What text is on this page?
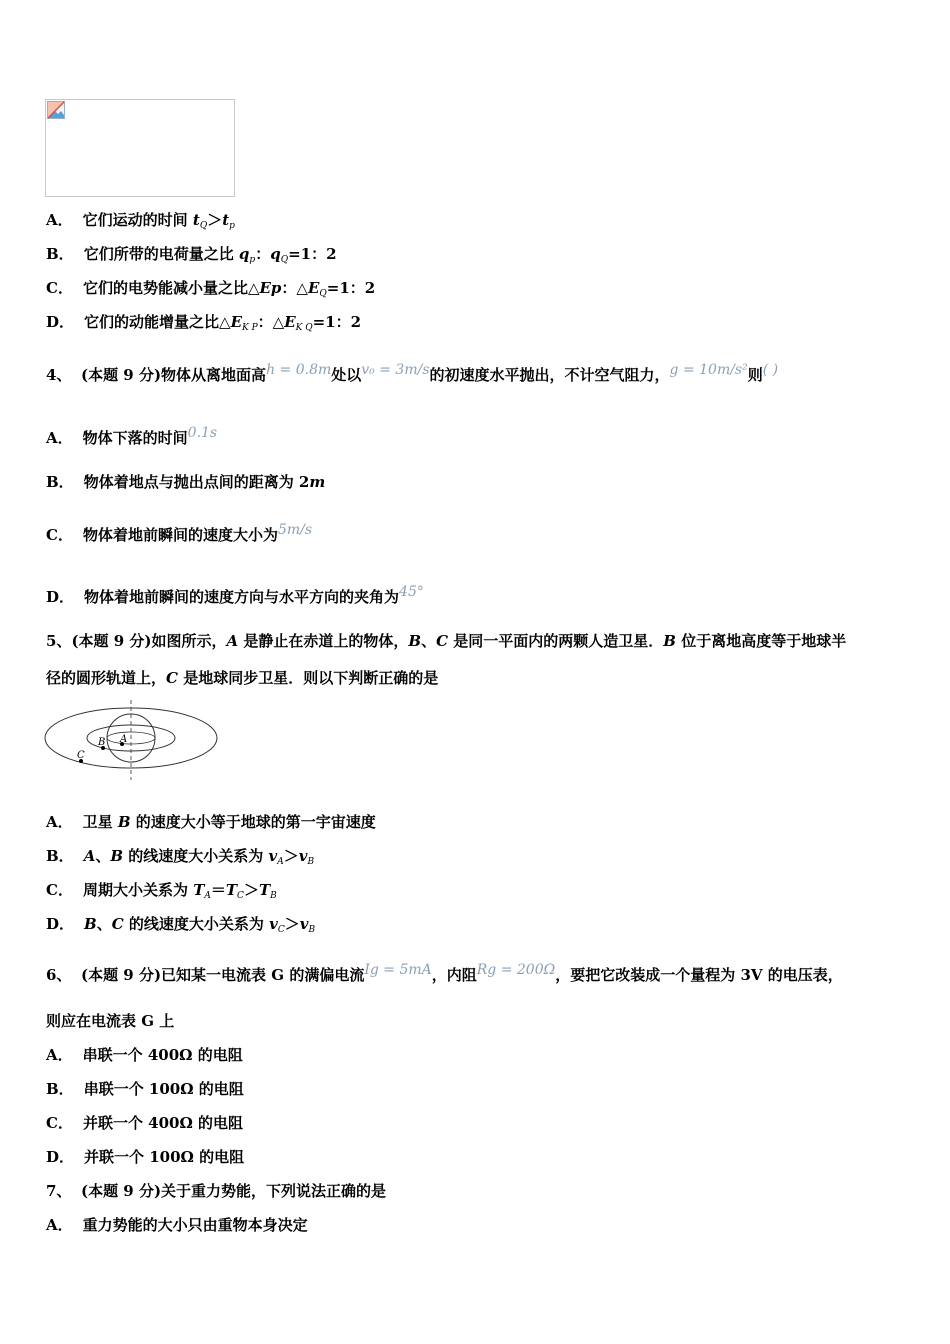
A． 它们运动的时间 $t_Q>t_p$
B． 它们所带的电荷量之比 $q_p$：$q_Q=1$：2
C． 它们的电势能减小量之比△Ep：$\triangle E_Q=1$：2
D． 它们的动能增量之比$\triangle E_{K P}$：$\triangle E_{K Q}=1$：2
4、 (本题 9 分)物体从离地面高h = 0.8m处以v₀ = 3m/s的初速度水平抛出，不计空气阻力，g = 10m/s²则( )
A． 物体下落的时间0.1s
B． 物体着地点与抛出点间的距离为 2m
C． 物体着地前瞬间的速度大小为5m/s
D． 物体着地前瞬间的速度方向与水平方向的夹角为45°
5、(本题 9 分)如图所示，A 是静止在赤道上的物体，B、C 是同一平面内的两颗人造卫星．B 位于离地高度等于地球半
径的圆形轨道上，C 是地球同步卫星．则以下判断正确的是
A
B
C
A． 卫星 B 的速度大小等于地球的第一宇宙速度
B． A、B 的线速度大小关系为 $v_A>v_B$
C． 周期大小关系为 $T_A=T_C>T_B$
D． B、C 的线速度大小关系为 $v_C>v_B$
6、 (本题 9 分)已知某一电流表 G 的满偏电流Ig = 5mA，内阻Rg = 200Ω，要把它改装成一个量程为 3V 的电压表，
则应在电流表 G 上
A． 串联一个 400Ω 的电阻
B． 串联一个 100Ω 的电阻
C． 并联一个 400Ω 的电阻
D． 并联一个 100Ω 的电阻
7、 (本题 9 分)关于重力势能，下列说法正确的是
A． 重力势能的大小只由重物本身决定
